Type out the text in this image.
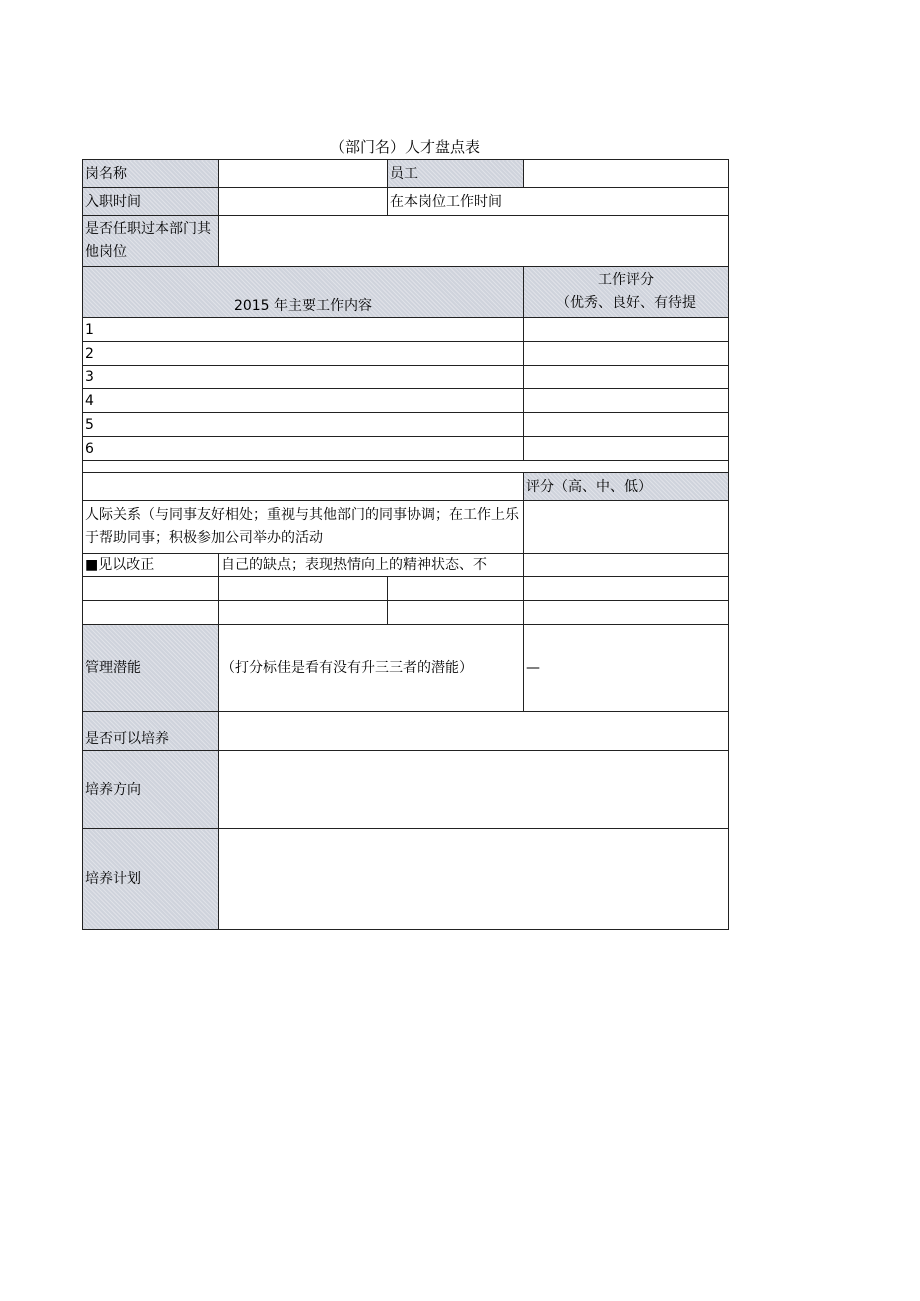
（部门名）人才盘点表
岗名称		员工	
入职时间		在本岗位工作时间	
是否任职过本部门其他岗位			
2015 年主要工作内容			工作评分
（优秀、良好、有待提

1			
2			
3			
4			
5			
6			

			评分（高、中、低）
人际关系（与同事友好相处；重视与其他部门的同事协调；在工作上乐于帮助同事；积极参加公司举办的活动			
■见以改正	自己的缺点；表现热情向上的精神状态、不		

管理潜能	（打分标佳是看有没有升三三者的潜能）		—
是否可以培养			
培养方向			
培养计划			
